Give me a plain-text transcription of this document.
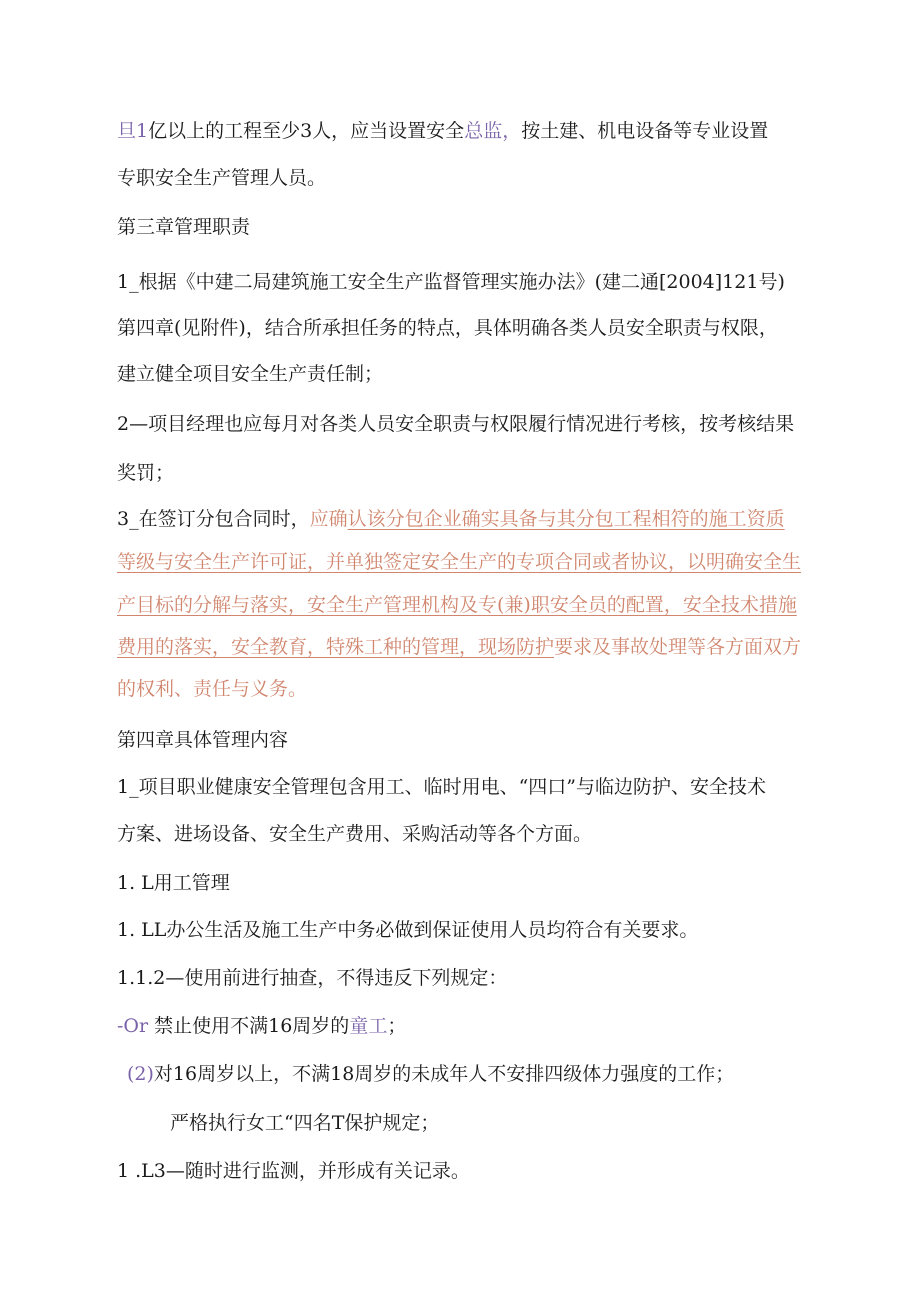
旦1亿以上的工程至少3人，应当设置安全总监，按土建、机电设备等专业设置
专职安全生产管理人员。
第三章管理职责
1_根据《中建二局建筑施工安全生产监督管理实施办法》(建二通[2004]121号)
第四章(见附件)，结合所承担任务的特点，具体明确各类人员安全职责与权限，
建立健全项目安全生产责任制；
2—项目经理也应每月对各类人员安全职责与权限履行情况进行考核，按考核结果
奖罚；
3_在签订分包合同时，应确认该分包企业确实具备与其分包工程相符的施工资质
等级与安全生产许可证，并单独签定安全生产的专项合同或者协议，以明确安全生
产目标的分解与落实，安全生产管理机构及专(兼)职安全员的配置，安全技术措施
费用的落实，安全教育，特殊工种的管理，现场防护要求及事故处理等各方面双方
的权利、责任与义务。
第四章具体管理内容
1_项目职业健康安全管理包含用工、临时用电、“四口”与临边防护、安全技术
方案、进场设备、安全生产费用、采购活动等各个方面。
1. L用工管理
1. LL办公生活及施工生产中务必做到保证使用人员均符合有关要求。
1.1.2—使用前进行抽查，不得违反下列规定：
-Or 禁止使用不满16周岁的童工；
(2)对16周岁以上，不满18周岁的未成年人不安排四级体力强度的工作；
严格执行女工“四名T保护规定；
1 .L3—随时进行监测，并形成有关记录。
